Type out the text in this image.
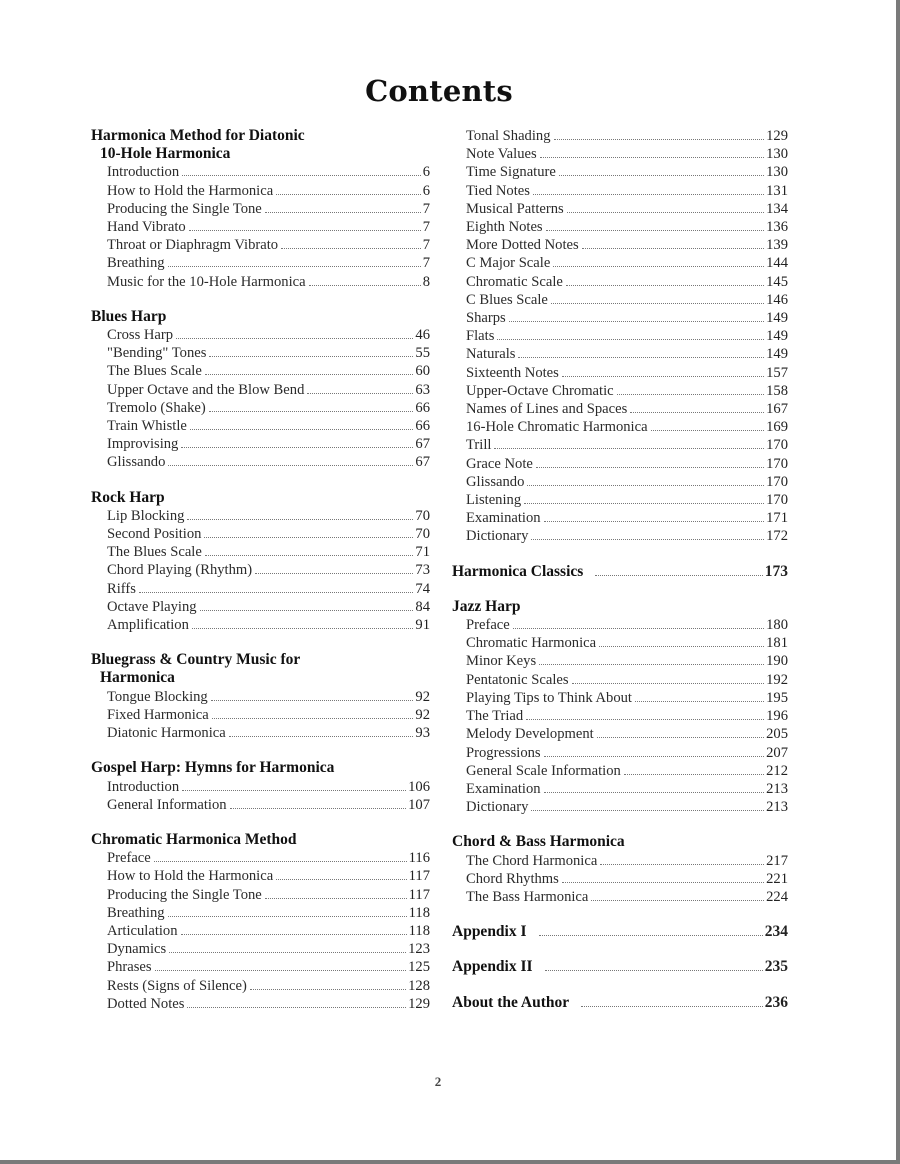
Contents
Harmonica Method for Diatonic
10-Hole Harmonica
Introduction	6
How to Hold the Harmonica	6
Producing the Single Tone	7
Hand Vibrato	7
Throat or Diaphragm Vibrato	7
Breathing	7
Music for the 10-Hole Harmonica	8
Blues Harp
Cross Harp	46
"Bending" Tones	55
The Blues Scale	60
Upper Octave and the Blow Bend	63
Tremolo (Shake)	66
Train Whistle	66
Improvising	67
Glissando	67
Rock Harp
Lip Blocking	70
Second Position	70
The Blues Scale	71
Chord Playing (Rhythm)	73
Riffs	74
Octave Playing	84
Amplification	91
Bluegrass & Country Music for
Harmonica
Tongue Blocking	92
Fixed Harmonica	92
Diatonic Harmonica	93
Gospel Harp: Hymns for Harmonica
Introduction	106
General Information	107
Chromatic Harmonica Method
Preface	116
How to Hold the Harmonica	117
Producing the Single Tone	117
Breathing	118
Articulation	118
Dynamics	123
Phrases	125
Rests (Signs of Silence)	128
Dotted Notes	129
Tonal Shading	129
Note Values	130
Time Signature	130
Tied Notes	131
Musical Patterns	134
Eighth Notes	136
More Dotted Notes	139
C Major Scale	144
Chromatic Scale	145
C Blues Scale	146
Sharps	149
Flats	149
Naturals	149
Sixteenth Notes	157
Upper-Octave Chromatic	158
Names of Lines and Spaces	167
16-Hole Chromatic Harmonica	169
Trill	170
Grace Note	170
Glissando	170
Listening	170
Examination	171
Dictionary	172
Harmonica Classics	173
Jazz Harp
Preface	180
Chromatic Harmonica	181
Minor Keys	190
Pentatonic Scales	192
Playing Tips to Think About	195
The Triad	196
Melody Development	205
Progressions	207
General Scale Information	212
Examination	213
Dictionary	213
Chord & Bass Harmonica
The Chord Harmonica	217
Chord Rhythms	221
The Bass Harmonica	224
Appendix I	234
Appendix II	235
About the Author	236
2
